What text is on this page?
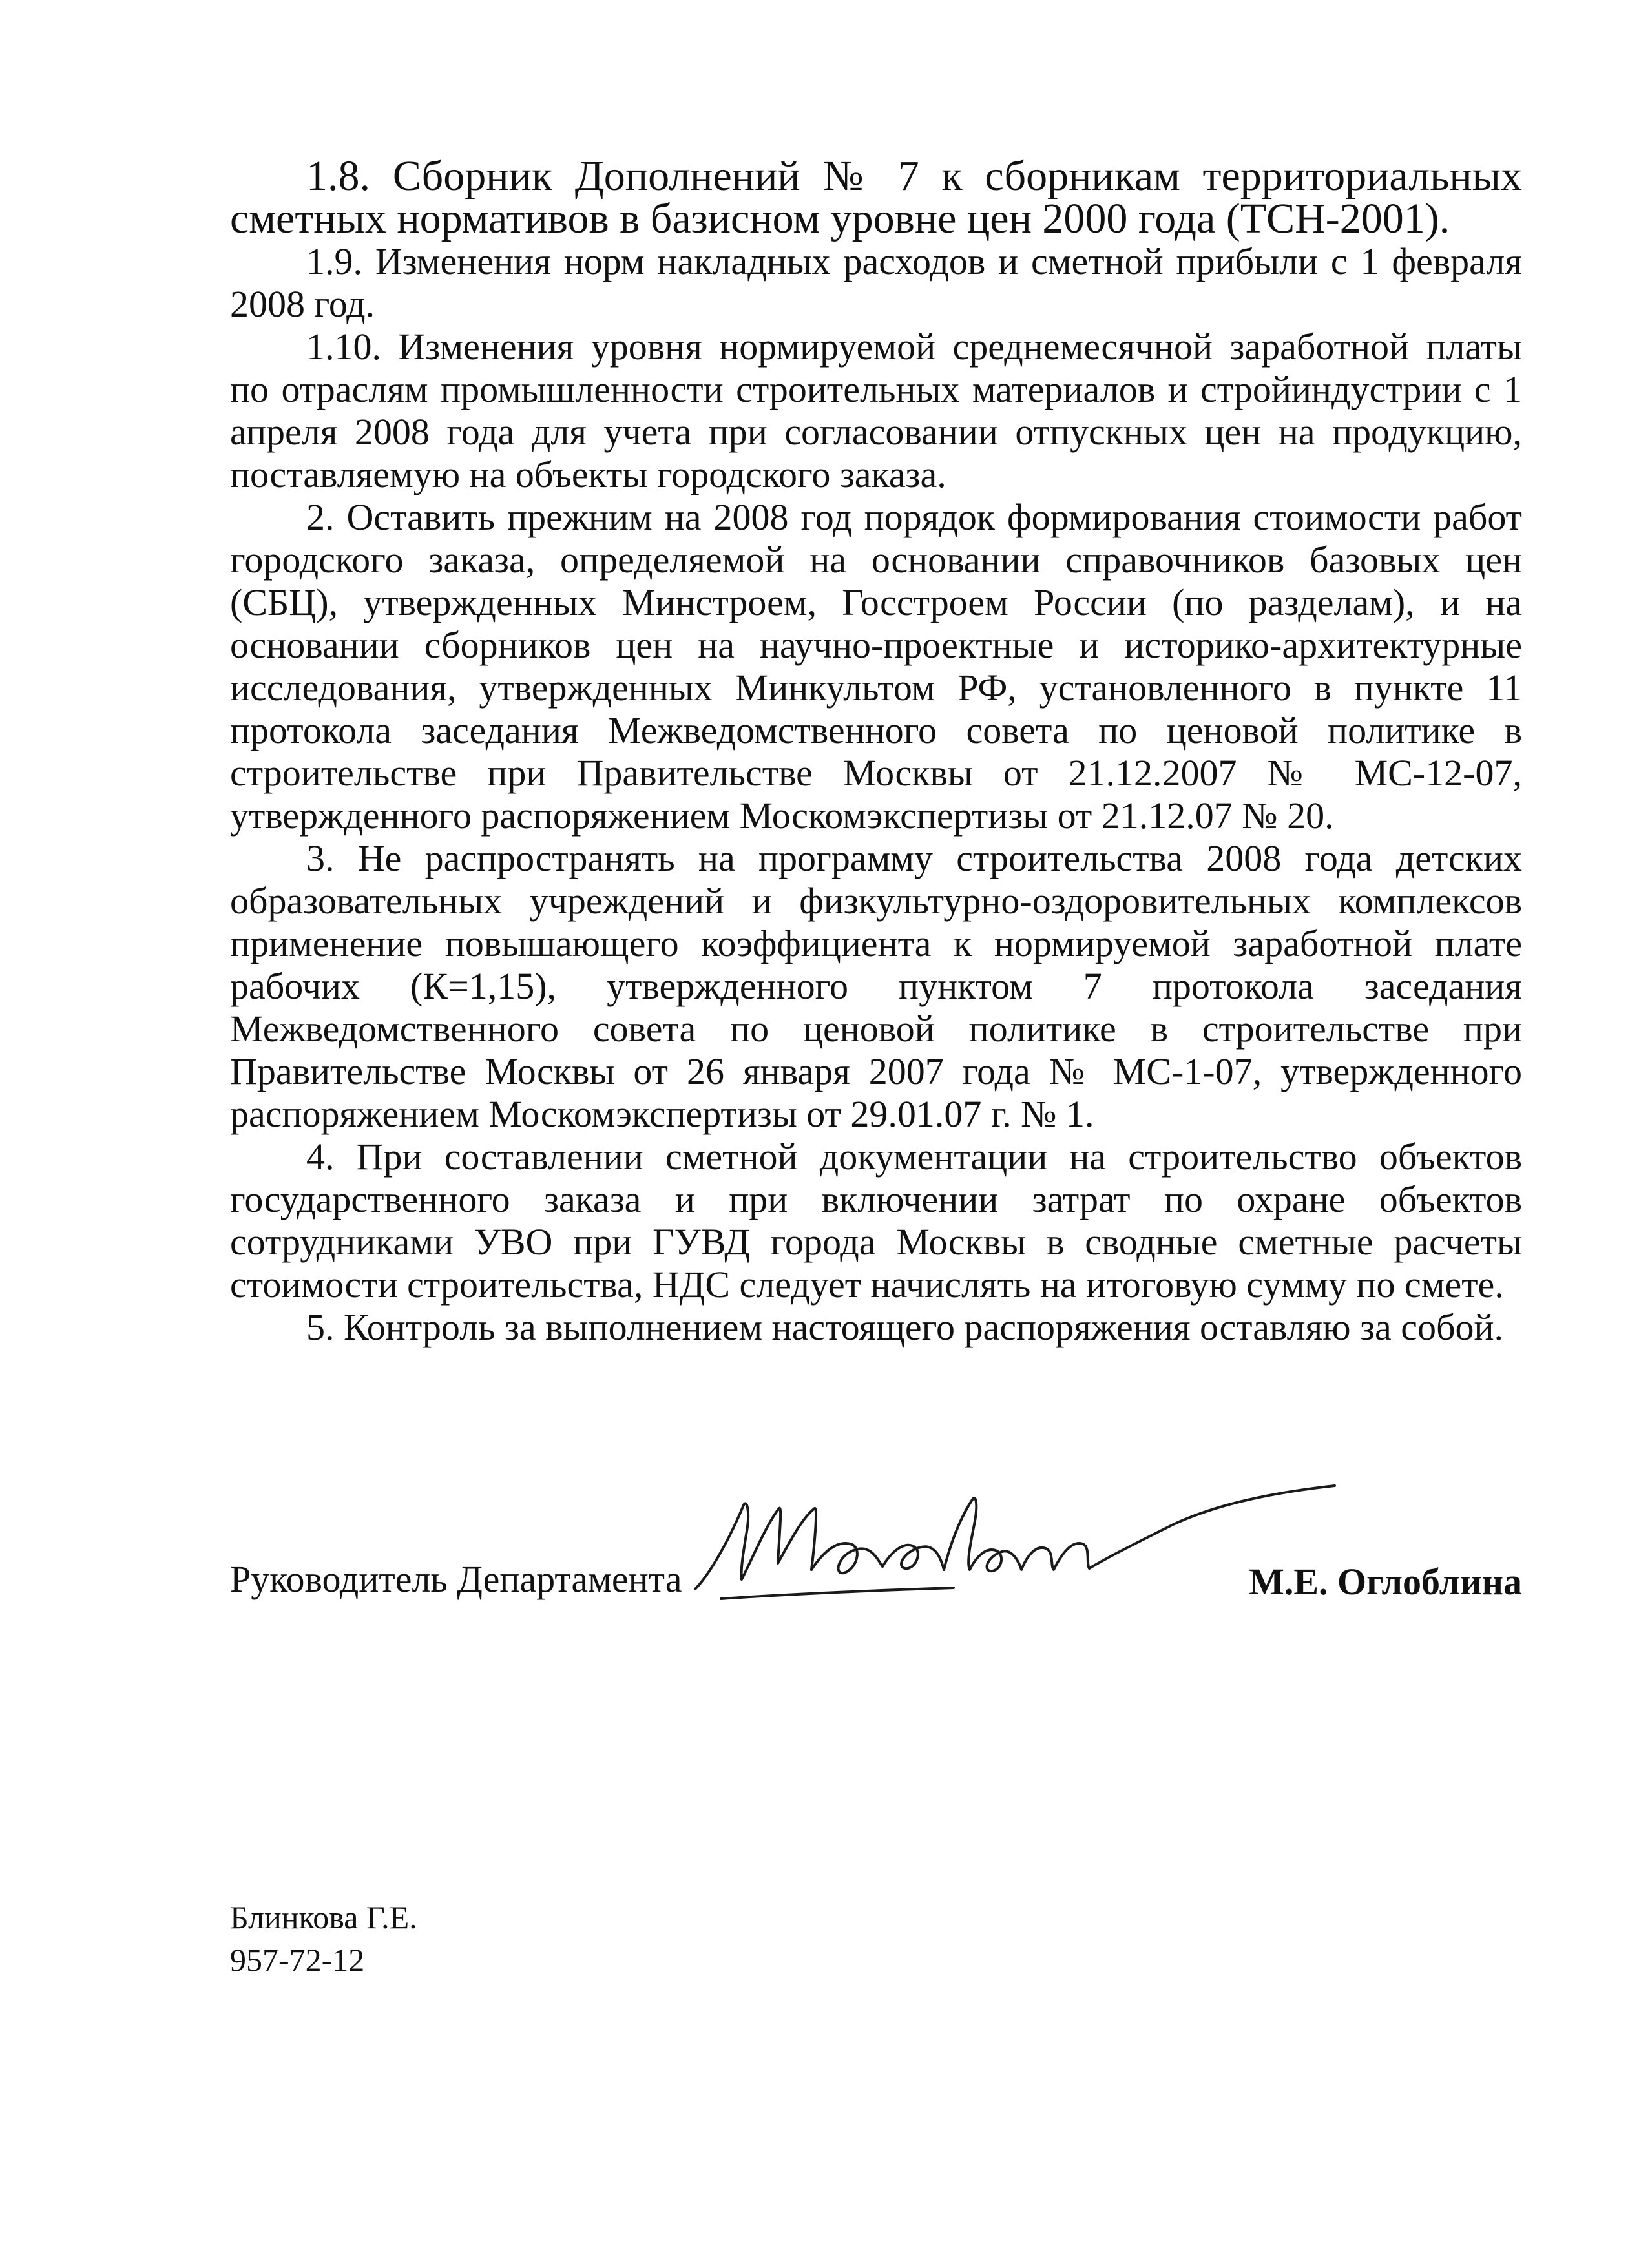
1.8. Сборник Дополнений № 7 к сборникам территориальных сметных нормативов в базисном уровне цен 2000 года (ТСН-2001).

1.9. Изменения норм накладных расходов и сметной прибыли с 1 февраля 2008 год.

1.10. Изменения уровня нормируемой среднемесячной заработной платы по отраслям промышленности строительных материалов и стройиндустрии с 1 апреля 2008 года для учета при согласовании отпускных цен на продукцию, поставляемую на объекты городского заказа.

2. Оставить прежним на 2008 год порядок формирования стоимости работ городского заказа, определяемой на основании справочников базовых цен (СБЦ), утвержденных Минстроем, Госстроем России (по разделам), и на основании сборников цен на научно-проектные и историко-архитектурные исследования, утвержденных Минкультом РФ, установленного в пункте 11 протокола заседания Межведомственного совета по ценовой политике в строительстве при Правительстве Москвы от 21.12.2007 № МС-12-07, утвержденного распоряжением Москомэкспертизы от 21.12.07 № 20.

3. Не распространять на программу строительства 2008 года детских образовательных учреждений и физкультурно-оздоровительных комплексов применение повышающего коэффициента к нормируемой заработной плате рабочих (К=1,15), утвержденного пунктом 7 протокола заседания Межведомственного совета по ценовой политике в строительстве при Правительстве Москвы от 26 января 2007 года № МС-1-07, утвержденного распоряжением Москомэкспертизы от 29.01.07 г. № 1.

4. При составлении сметной документации на строительство объектов государственного заказа и при включении затрат по охране объектов сотрудниками УВО при ГУВД города Москвы в сводные сметные расчеты стоимости строительства, НДС следует начислять на итоговую сумму по смете.

5. Контроль за выполнением настоящего распоряжения оставляю за собой.

Руководитель Департамента	М.Е. Оглоблина
Блинкова Г.Е.
957-72-12
